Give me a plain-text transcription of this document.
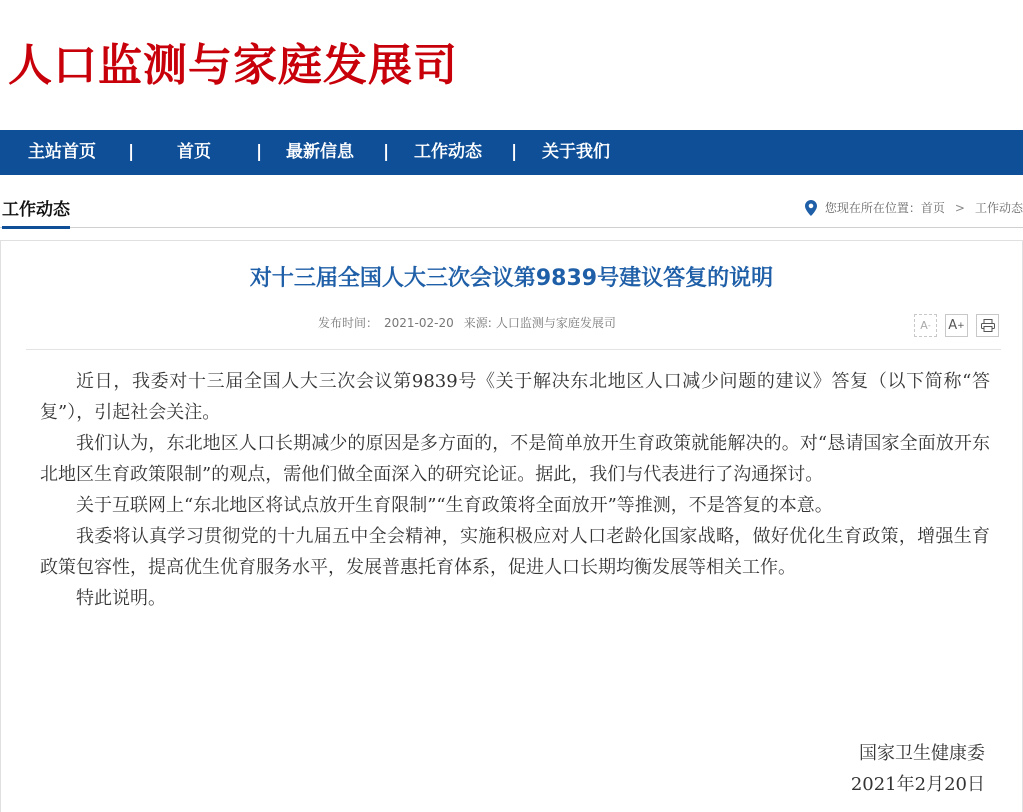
人口监测与家庭发展司
主站首页 |	首页	| 最新信息 | 工作动态 | 关于我们
工作动态	您现在所在位置： 首页 > 工作动态
对十三届全国人大三次会议第9839号建议答复的说明
发布时间： 2021-02-20 来源: 人口监测与家庭发展司	A - A +

近日，我委对十三届全国人大三次会议第9839号《关于解决东北地区人口减少问题的建议》答复（以下简称“答复”），引起社会关注。

我们认为，东北地区人口长期减少的原因是多方面的，不是简单放开生育政策就能解决的。对“恳请国家全面放开东北地区生育政策限制”的观点，需他们做全面深入的研究论证。据此，我们与代表进行了沟通探讨。

关于互联网上“东北地区将试点放开生育限制”“生育政策将全面放开”等推测，不是答复的本意。

我委将认真学习贯彻党的十九届五中全会精神，实施积极应对人口老龄化国家战略，做好优化生育政策，增强生育政策包容性，提高优生优育服务水平，发展普惠托育体系，促进人口长期均衡发展等相关工作。

特此说明。

国家卫生健康委
2021年2月20日
